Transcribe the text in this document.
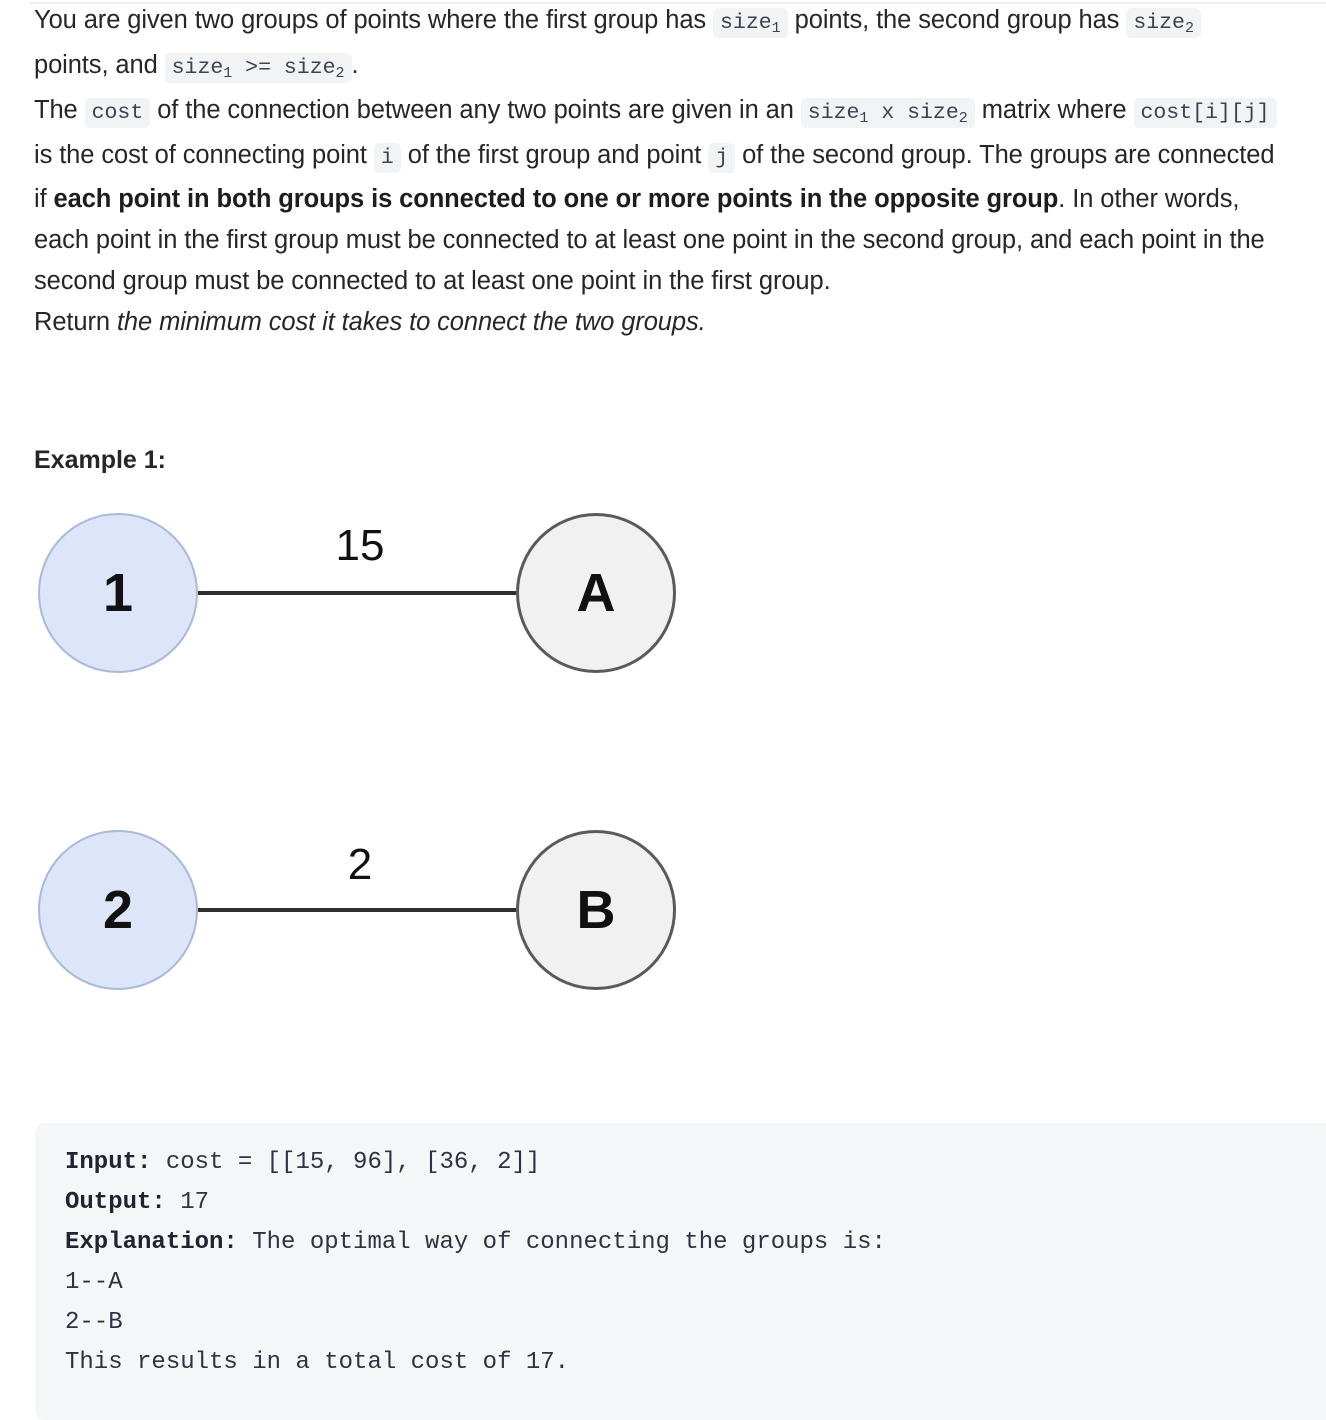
You are given two groups of points where the first group has size$_1$ points, the second group has size$_2$ points, and size$_1$ >= size$_2$ .

The cost of the connection between any two points are given in an size$_1$ x size$_2$ matrix where cost[i][j] is the cost of connecting point i of the first group and point j of the second group. The groups are connected if each point in both groups is connected to one or more points in the opposite group. In other words, each point in the first group must be connected to at least one point in the second group, and each point in the second group must be connected to at least one point in the first group.

Return the minimum cost it takes to connect the two groups.

Example 1:
1
15
A
2
2
B
Input: cost = [[15, 96], [36, 2]]
Output: 17
Explanation: The optimal way of connecting the groups is:
1--A
2--B
This results in a total cost of 17.
